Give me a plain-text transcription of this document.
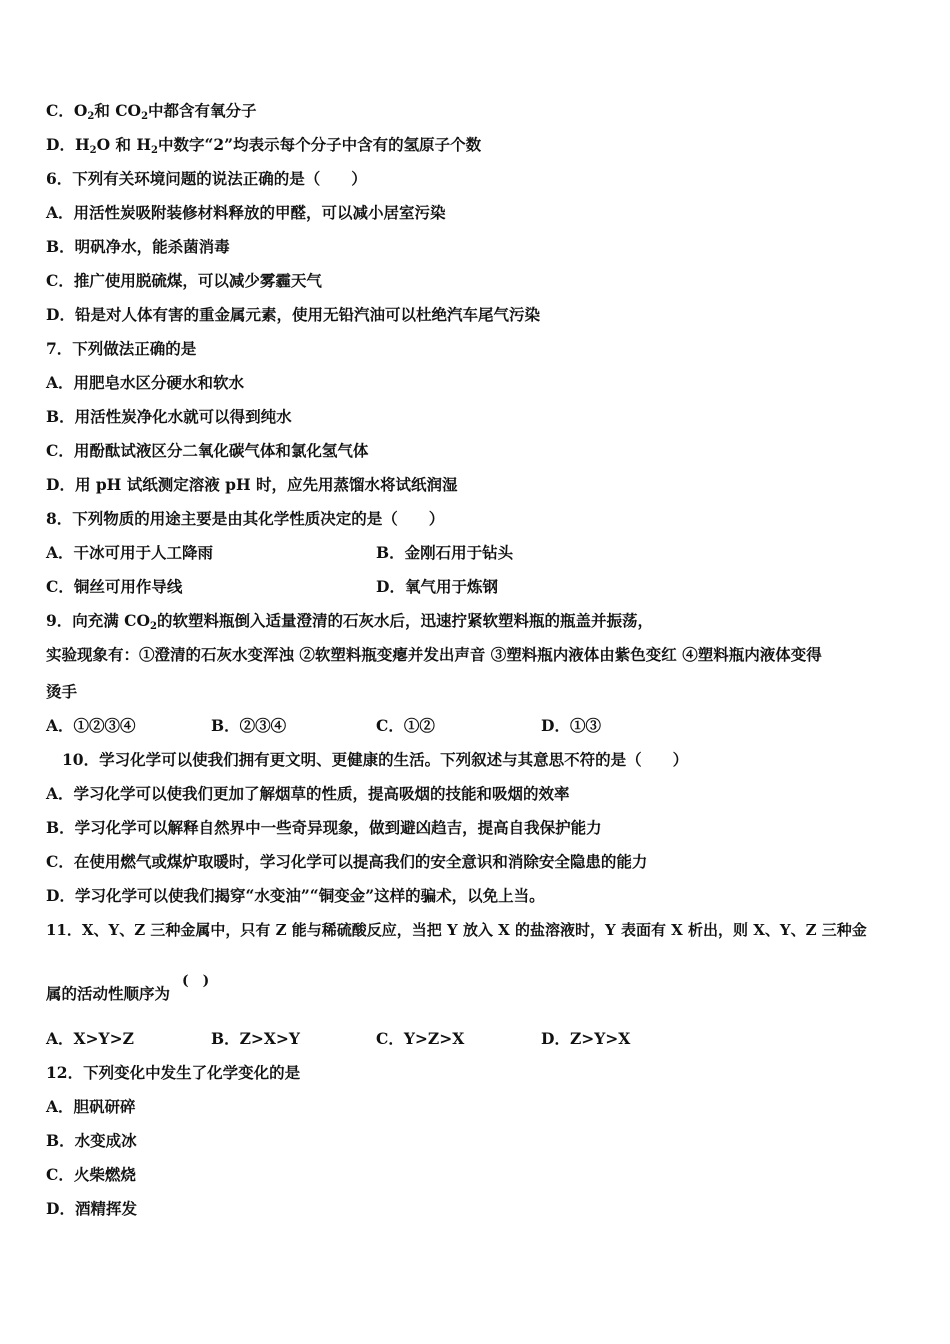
C．$O_2$和 $CO_2$中都含有氧分子
D．$H_2O$ 和 $H_2$中数字“2”均表示每个分子中含有的氢原子个数
6．下列有关环境问题的说法正确的是（　　）
A．用活性炭吸附装修材料释放的甲醛，可以减小居室污染
B．明矾净水，能杀菌消毒
C．推广使用脱硫煤，可以减少雾霾天气
D．铅是对人体有害的重金属元素，使用无铅汽油可以杜绝汽车尾气污染
7．下列做法正确的是
A．用肥皂水区分硬水和软水
B．用活性炭净化水就可以得到纯水
C．用酚酞试液区分二氧化碳气体和氯化氢气体
D．用 pH 试纸测定溶液 pH 时，应先用蒸馏水将试纸润湿
8．下列物质的用途主要是由其化学性质决定的是（　　）
A．干冰可用于人工降雨	B．金刚石用于钻头
C．铜丝可用作导线	D．氧气用于炼钢
9．向充满 $CO_2$的软塑料瓶倒入适量澄清的石灰水后，迅速拧紧软塑料瓶的瓶盖并振荡，
实验现象有：①澄清的石灰水变浑浊 ②软塑料瓶变瘪并发出声音 ③塑料瓶内液体由紫色变红 ④塑料瓶内液体变得
烫手
A．①②③④	B．②③④	C．①②	D．①③
10．学习化学可以使我们拥有更文明、更健康的生活。下列叙述与其意思不符的是（　　）
A．学习化学可以使我们更加了解烟草的性质，提高吸烟的技能和吸烟的效率
B．学习化学可以解释自然界中一些奇异现象，做到避凶趋吉，提高自我保护能力
C．在使用燃气或煤炉取暖时，学习化学可以提高我们的安全意识和消除安全隐患的能力
D．学习化学可以使我们揭穿“水变油”“铜变金”这样的骗术，以免上当。
11．X、Y、Z 三种金属中，只有 Z 能与稀硫酸反应，当把 Y 放入 X 的盐溶液时，Y 表面有 X 析出，则 X、Y、Z 三种金
属的活动性顺序为
(　)
A．X>Y>Z	B．Z>X>Y	C．Y>Z>X	D．Z>Y>X
12．下列变化中发生了化学变化的是
A．胆矾研碎
B．水变成冰
C．火柴燃烧
D．酒精挥发
